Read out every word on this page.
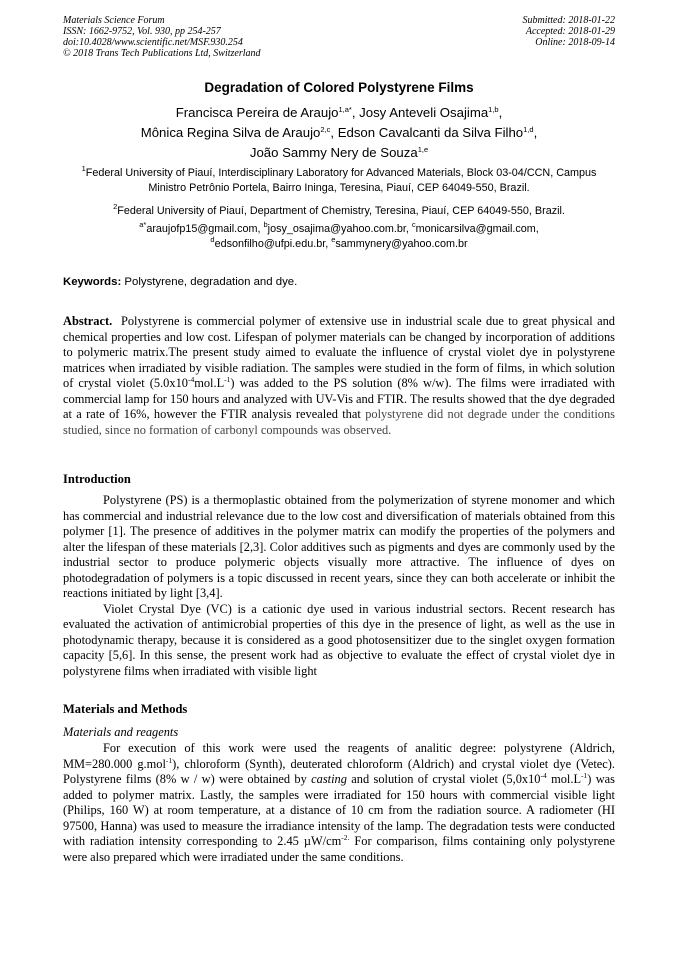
Materials Science Forum
ISSN: 1662-9752, Vol. 930, pp 254-257
doi:10.4028/www.scientific.net/MSF.930.254
© 2018 Trans Tech Publications Ltd, Switzerland
Submitted: 2018-01-22
Accepted: 2018-01-29
Online: 2018-09-14
Degradation of Colored Polystyrene Films
Francisca Pereira de Araujo$^{1,a*}$, Josy Anteveli Osajima$^{1,b}$,
Mônica Regina Silva de Araujo$^{2,c}$, Edson Cavalcanti da Silva Filho$^{1,d}$,
João Sammy Nery de Souza$^{1,e}$

$^1$Federal University of Piauí, Interdisciplinary Laboratory for Advanced Materials, Block 03-04/CCN, Campus Ministro Petrônio Portela, Bairro Ininga, Teresina, Piauí, CEP 64049-550, Brazil.

$^2$Federal University of Piauí, Department of Chemistry, Teresina, Piauí, CEP 64049-550, Brazil.

$^{a*}$araujofp15@gmail.com, $^b$josy_osajima@yahoo.com.br, $^c$monicarsilva@gmail.com,
$^d$edsonfilho@ufpi.edu.br, $^e$sammynery@yahoo.com.br
Keywords: Polystyrene, degradation and dye.
Abstract. Polystyrene is commercial polymer of extensive use in industrial scale due to great physical and chemical properties and low cost. Lifespan of polymer materials can be changed by incorporation of additions to polymeric matrix.The present study aimed to evaluate the influence of crystal violet dye in polystyrene matrices when irradiated by visible radiation. The samples were studied in the form of films, in which solution of crystal violet $(5.0x10^{-4}mol.L^{-1})$ was added to the PS solution (8% w/w). The films were irradiated with commercial lamp for 150 hours and analyzed with UV-Vis and FTIR. The results showed that the dye degraded at a rate of 16%, however the FTIR analysis revealed that polystyrene did not degrade under the conditions studied, since no formation of carbonyl compounds was observed.
Introduction

Polystyrene (PS) is a thermoplastic obtained from the polymerization of styrene monomer and which has commercial and industrial relevance due to the low cost and diversification of materials obtained from this polymer [1]. The presence of additives in the polymer matrix can modify the properties of the polymers and alter the lifespan of these materials [2,3]. Color additives such as pigments and dyes are commonly used by the industrial sector to produce polymeric objects visually more attractive. The influence of dyes on photodegradation of polymers is a topic discussed in recent years, since they can both accelerate or inhibit the reactions initiated by light [3,4].

Violet Crystal Dye (VC) is a cationic dye used in various industrial sectors. Recent research has evaluated the activation of antimicrobial properties of this dye in the presence of light, as well as the use in photodynamic therapy, because it is considered as a good photosensitizer due to the singlet oxygen formation capacity [5,6]. In this sense, the present work had as objective to evaluate the effect of crystal violet dye in polystyrene films when irradiated with visible light

Materials and Methods
Materials and reagents

For execution of this work were used the reagents of analitic degree: polystyrene (Aldrich, MM=280.000 g.mol$^{-1}$), chloroform (Synth), deuterated chloroform (Aldrich) and crystal violet dye (Vetec). Polystyrene films (8% w / w) were obtained by casting and solution of crystal violet ($5,0x10^{-4}$ $mol.L^{-1}$) was added to polymer matrix. Lastly, the samples were irradiated for 150 hours with commercial visible light (Philips, 160 W) at room temperature, at a distance of 10 cm from the radiation source. A radiometer (HI 97500, Hanna) was used to measure the irradiance intensity of the lamp. The degradation tests were conducted with radiation intensity corresponding to 2.45 $\mu W/cm^{-2.}$ For comparison, films containing only polystyrene were also prepared which were irradiated under the same conditions.
